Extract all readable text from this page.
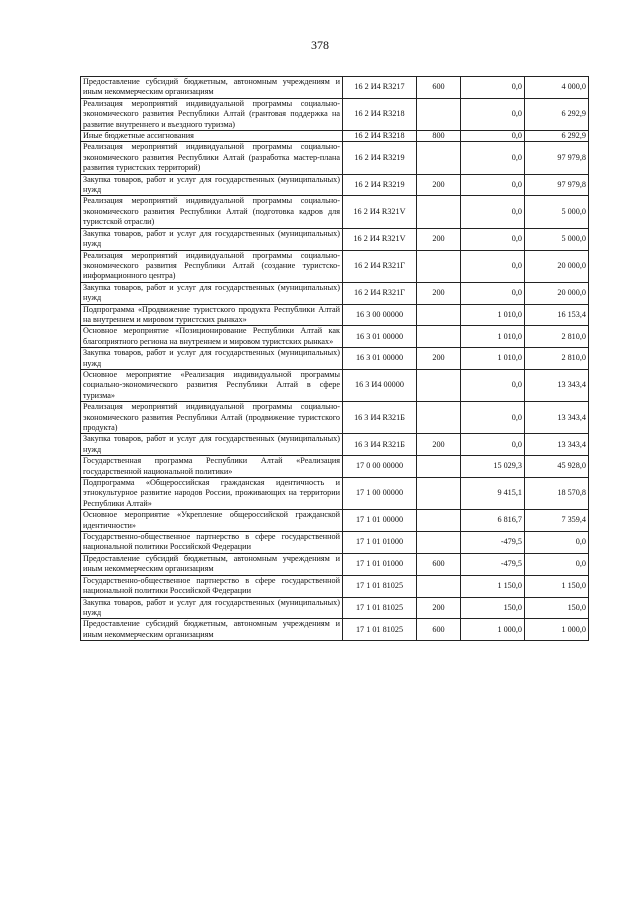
378
Предоставление субсидий бюджетным, автономным учреждениям и иным некоммерческим организациям	16 2 И4 R3217	600	0,0	4 000,0
Реализация мероприятий индивидуальной программы социально-экономического развития Республики Алтай (грантовая поддержка на развитие внутреннего и въездного туризма)	16 2 И4 R3218		0,0	6 292,9
Иные бюджетные ассигнования	16 2 И4 R3218	800	0,0	6 292,9
Реализация мероприятий индивидуальной программы социально-экономического развития Республики Алтай (разработка мастер-плана развития туристских территорий)	16 2 И4 R3219		0,0	97 979,8
Закупка товаров, работ и услуг для государственных (муниципальных) нужд	16 2 И4 R3219	200	0,0	97 979,8
Реализация мероприятий индивидуальной программы социально-экономического развития Республики Алтай (подготовка кадров для туристской отрасли)	16 2 И4 R321V		0,0	5 000,0
Закупка товаров, работ и услуг для государственных (муниципальных) нужд	16 2 И4 R321V	200	0,0	5 000,0
Реализация мероприятий индивидуальной программы социально-экономического развития Республики Алтай (создание туристско-информационного центра)	16 2 И4 R321Г		0,0	20 000,0
Закупка товаров, работ и услуг для государственных (муниципальных) нужд	16 2 И4 R321Г	200	0,0	20 000,0
Подпрограмма «Продвижение туристского продукта Республики Алтай на внутреннем и мировом туристских рынках»	16 3 00 00000		1 010,0	16 153,4
Основное мероприятие «Позиционирование Республики Алтай как благоприятного региона на внутреннем и мировом туристских рынках»	16 3 01 00000		1 010,0	2 810,0
Закупка товаров, работ и услуг для государственных (муниципальных) нужд	16 3 01 00000	200	1 010,0	2 810,0
Основное мероприятие «Реализация индивидуальной программы социально-экономического развития Республики Алтай в сфере туризма»	16 3 И4 00000		0,0	13 343,4
Реализация мероприятий индивидуальной программы социально-экономического развития Республики Алтай (продвижение туристского продукта)	16 3 И4 R321Б		0,0	13 343,4
Закупка товаров, работ и услуг для государственных (муниципальных) нужд	16 3 И4 R321Б	200	0,0	13 343,4
Государственная программа Республики Алтай «Реализация государственной национальной политики»	17 0 00 00000		15 029,3	45 928,0
Подпрограмма «Общероссийская гражданская идентичность и этнокультурное развитие народов России, проживающих на территории Республики Алтай»	17 1 00 00000		9 415,1	18 570,8
Основное мероприятие «Укрепление общероссийской гражданской идентичности»	17 1 01 00000		6 816,7	7 359,4
Государственно-общественное партнерство в сфере государственной национальной политики Российской Федерации	17 1 01 01000		-479,5	0,0
Предоставление субсидий бюджетным, автономным учреждениям и иным некоммерческим организациям	17 1 01 01000	600	-479,5	0,0
Государственно-общественное партнерство в сфере государственной национальной политики Российской Федерации	17 1 01 81025		1 150,0	1 150,0
Закупка товаров, работ и услуг для государственных (муниципальных) нужд	17 1 01 81025	200	150,0	150,0
Предоставление субсидий бюджетным, автономным учреждениям и иным некоммерческим организациям	17 1 01 81025	600	1 000,0	1 000,0
